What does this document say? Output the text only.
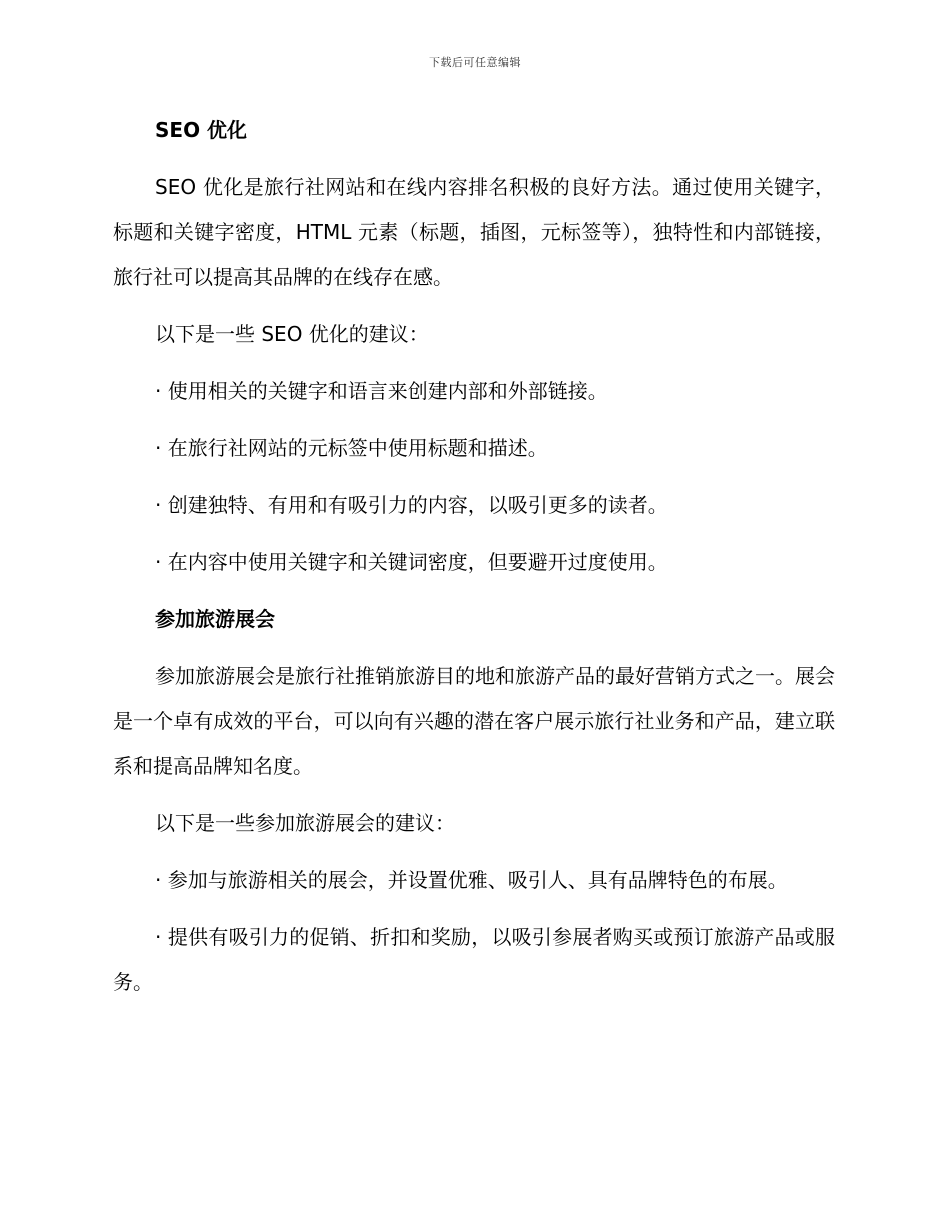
下载后可任意编辑

SEO 优化

SEO 优化是旅行社网站和在线内容排名积极的良好方法。通过使用关键字，标题和关键字密度，HTML 元素（标题，插图，元标签等），独特性和内部链接，旅行社可以提高其品牌的在线存在感。

以下是一些 SEO 优化的建议：

· 使用相关的关键字和语言来创建内部和外部链接。

· 在旅行社网站的元标签中使用标题和描述。

· 创建独特、有用和有吸引力的内容，以吸引更多的读者。

· 在内容中使用关键字和关键词密度，但要避开过度使用。

参加旅游展会

参加旅游展会是旅行社推销旅游目的地和旅游产品的最好营销方式之一。展会是一个卓有成效的平台，可以向有兴趣的潜在客户展示旅行社业务和产品，建立联系和提高品牌知名度。

以下是一些参加旅游展会的建议：

· 参加与旅游相关的展会，并设置优雅、吸引人、具有品牌特色的布展。

· 提供有吸引力的促销、折扣和奖励，以吸引参展者购买或预订旅游产品或服务。
